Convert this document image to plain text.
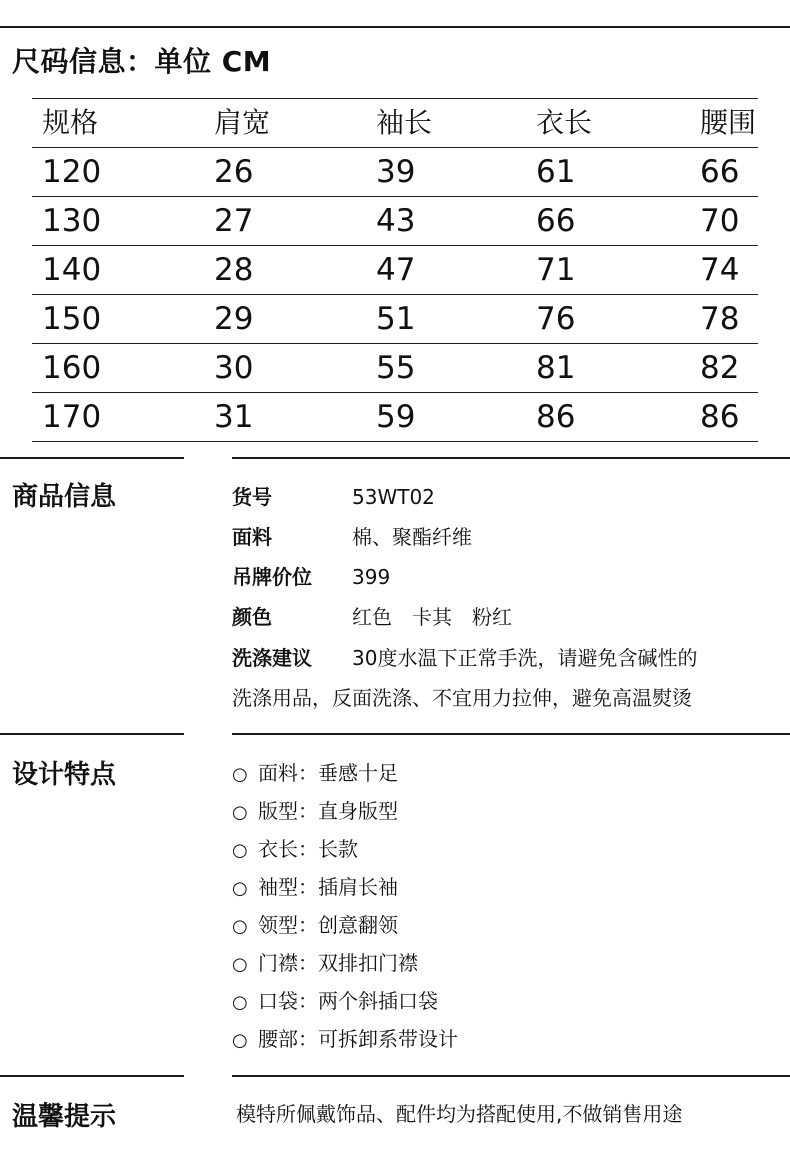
尺码信息：单位 CM
规格	肩宽	袖长	衣长	腰围
120	26	39	61	66
130	27	43	66	70
140	28	47	71	74
150	29	51	76	78
160	30	55	81	82
170	31	59	86	86
商品信息	货号	53WT02
面料	棉、聚酯纤维
吊牌价位 399
颜色	红色　卡其　粉红
洗涤建议 30度水温下正常手洗，请避免含碱性的
洗涤用品，反面洗涤、不宜用力拉伸，避免高温熨烫
设计特点	○ 面料：垂感十足
○ 版型：直身版型
○ 衣长：长款
○ 袖型：插肩长袖
○ 领型：创意翻领
○ 门襟：双排扣门襟
○ 口袋：两个斜插口袋
○ 腰部：可拆卸系带设计
温馨提示	模特所佩戴饰品、配件均为搭配使用,不做销售用途
